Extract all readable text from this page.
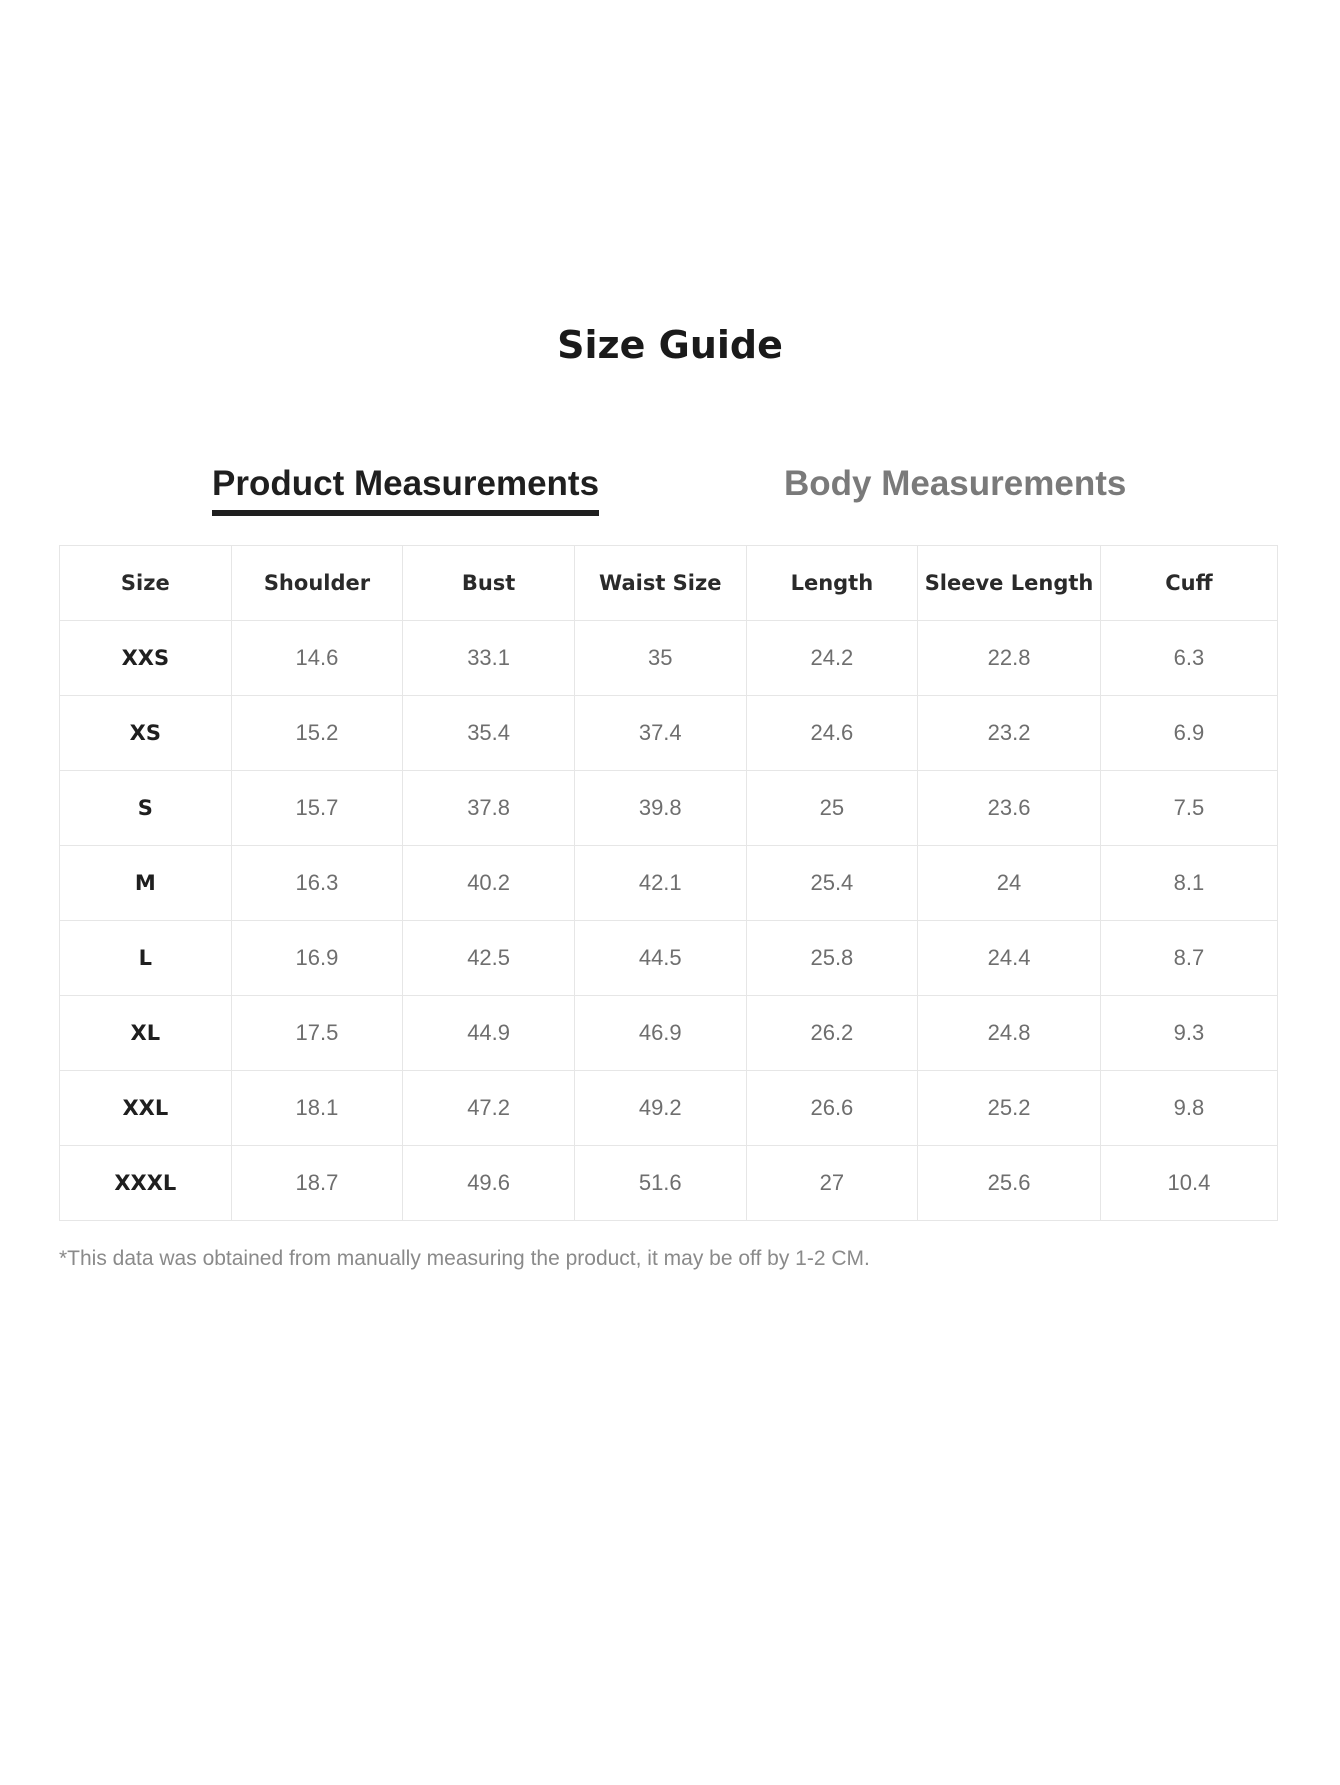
Size Guide
Product Measurements	Body Measurements
Size	Shoulder	Bust	Waist Size	Length	Sleeve Length	Cuff
XXS	14.6	33.1	35	24.2	22.8	6.3
XS	15.2	35.4	37.4	24.6	23.2	6.9
S	15.7	37.8	39.8	25	23.6	7.5
M	16.3	40.2	42.1	25.4	24	8.1
L	16.9	42.5	44.5	25.8	24.4	8.7
XL	17.5	44.9	46.9	26.2	24.8	9.3
XXL	18.1	47.2	49.2	26.6	25.2	9.8
XXXL	18.7	49.6	51.6	27	25.6	10.4
*This data was obtained from manually measuring the product, it may be off by 1-2 CM.
